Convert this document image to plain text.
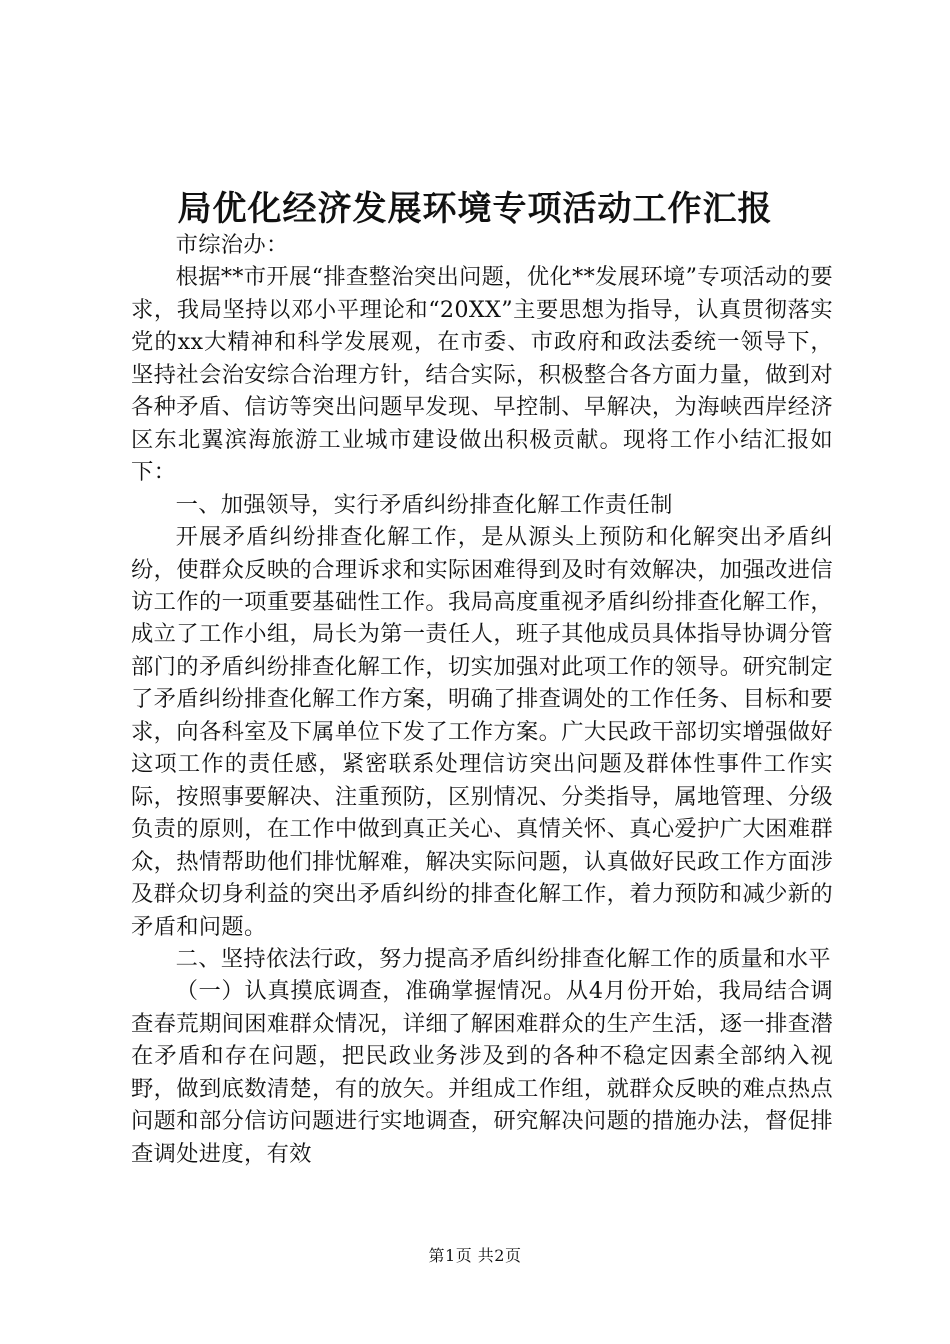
局优化经济发展环境专项活动工作汇报

市综治办：

根据**市开展“排查整治突出问题，优化**发展环境”专项活动的要求，我局坚持以邓小平理论和“20XX”主要思想为指导，认真贯彻落实党的xx大精神和科学发展观，在市委、市政府和政法委统一领导下，坚持社会治安综合治理方针，结合实际，积极整合各方面力量，做到对各种矛盾、信访等突出问题早发现、早控制、早解决，为海峡西岸经济区东北翼滨海旅游工业城市建设做出积极贡献。现将工作小结汇报如下：

一、加强领导，实行矛盾纠纷排查化解工作责任制

开展矛盾纠纷排查化解工作，是从源头上预防和化解突出矛盾纠纷，使群众反映的合理诉求和实际困难得到及时有效解决，加强改进信访工作的一项重要基础性工作。我局高度重视矛盾纠纷排查化解工作，成立了工作小组，局长为第一责任人，班子其他成员具体指导协调分管部门的矛盾纠纷排查化解工作，切实加强对此项工作的领导。研究制定了矛盾纠纷排查化解工作方案，明确了排查调处的工作任务、目标和要求，向各科室及下属单位下发了工作方案。广大民政干部切实增强做好这项工作的责任感，紧密联系处理信访突出问题及群体性事件工作实际，按照事要解决、注重预防，区别情况、分类指导，属地管理、分级负责的原则，在工作中做到真正关心、真情关怀、真心爱护广大困难群众，热情帮助他们排忧解难，解决实际问题，认真做好民政工作方面涉及群众切身利益的突出矛盾纠纷的排查化解工作，着力预防和减少新的矛盾和问题。

二、坚持依法行政，努力提高矛盾纠纷排查化解工作的质量和水平

（一）认真摸底调查，准确掌握情况。从4月份开始，我局结合调查春荒期间困难群众情况，详细了解困难群众的生产生活，逐一排查潜在矛盾和存在问题，把民政业务涉及到的各种不稳定因素全部纳入视野，做到底数清楚，有的放矢。并组成工作组，就群众反映的难点热点问题和部分信访问题进行实地调查，研究解决问题的措施办法，督促排查调处进度，有效

第1页 共2页
